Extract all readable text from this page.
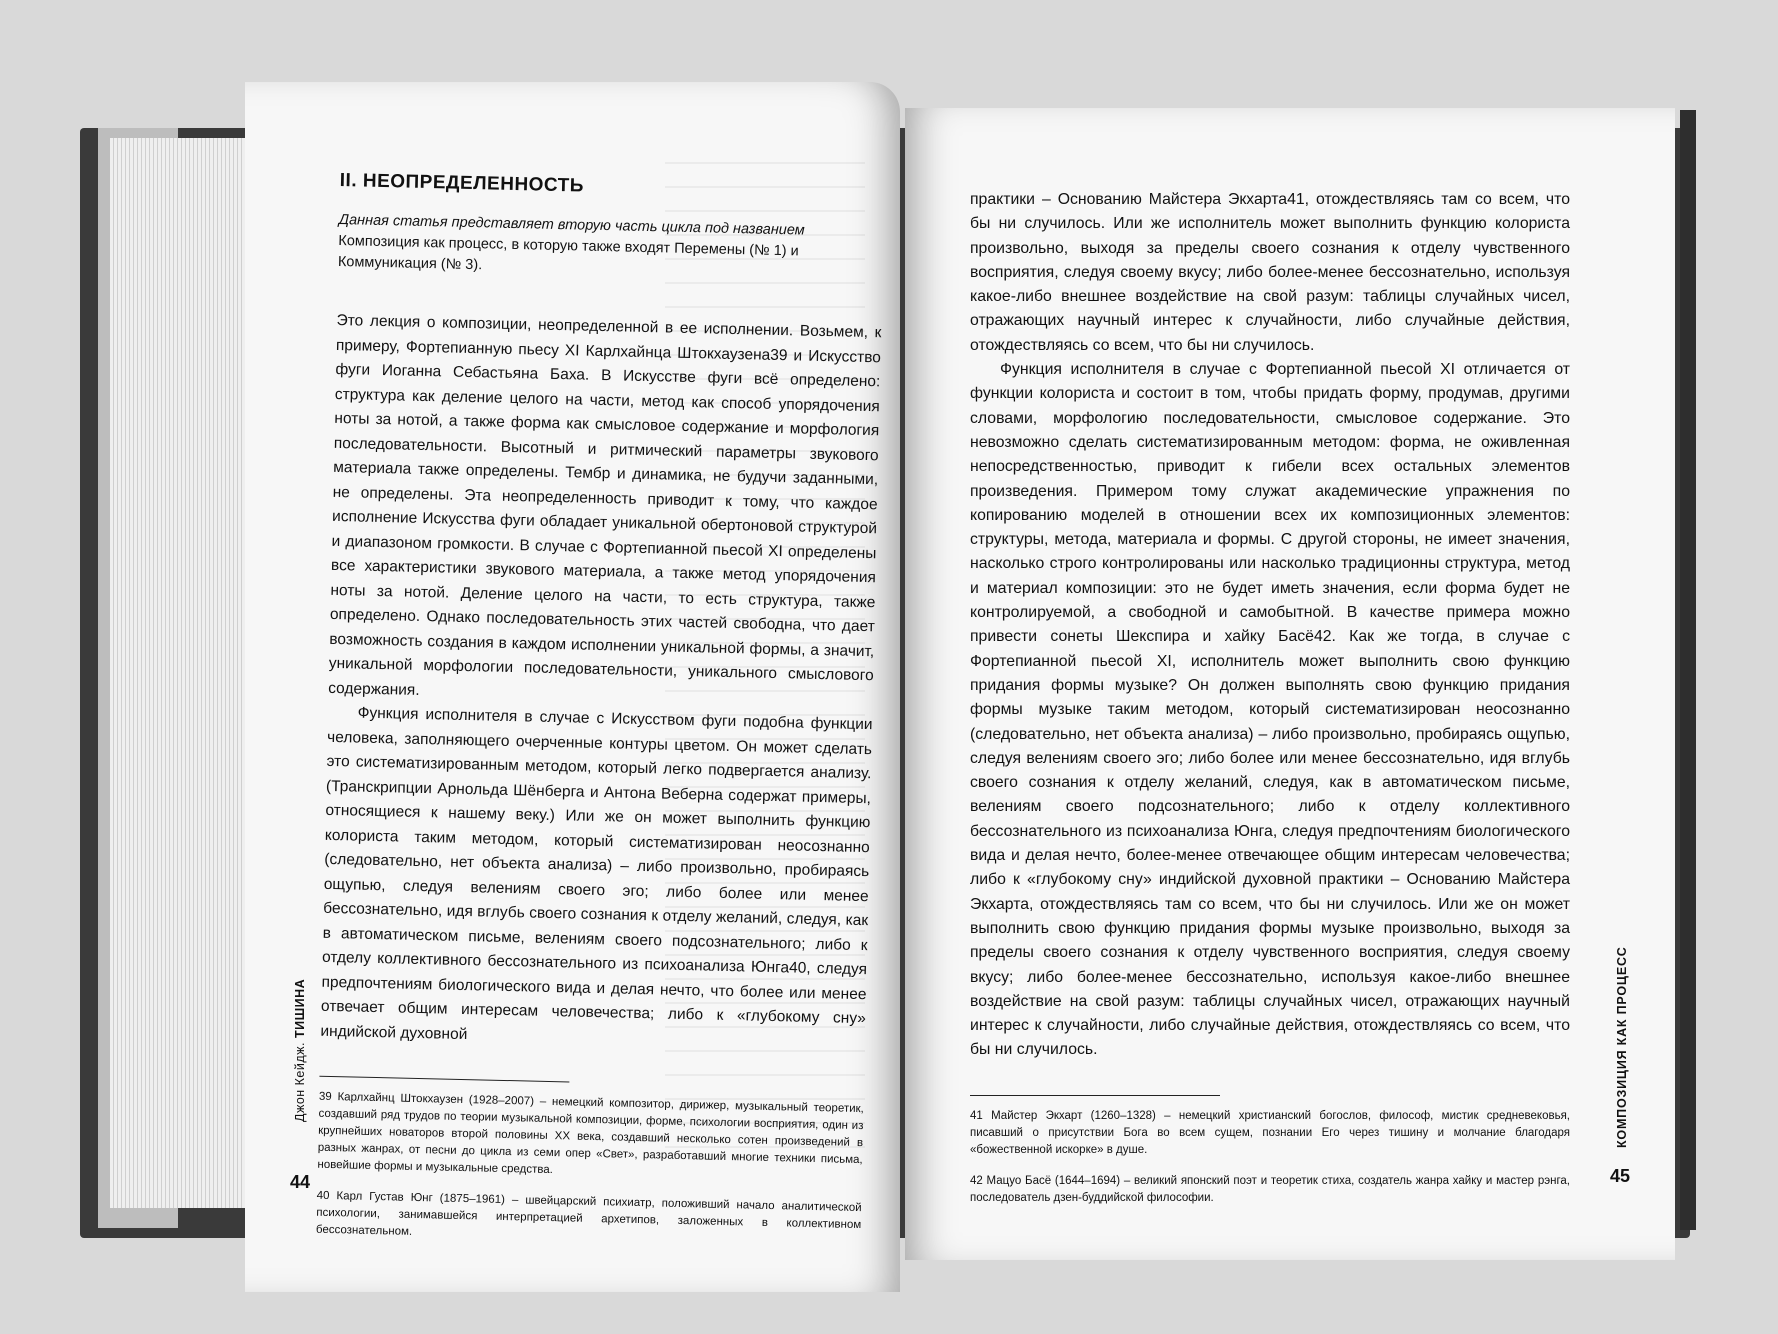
II. НЕОПРЕДЕЛЕННОСТЬ

Данная статья представляет вторую часть цикла под названием Композиция как процесс, в которую также входят Перемены (№ 1) и Коммуникация (№ 3).

Это лекция о композиции, неопределенной в ее исполнении. Возьмем, к примеру, Фортепианную пьесу XI Карлхайнца Штокхаузена39 и Искусство фуги Иоганна Себастьяна Баха. В Искусстве фуги всё определено: структура как деление целого на части, метод как способ упорядочения ноты за нотой, а также форма как смысловое содержание и морфология последовательности. Высотный и ритмический параметры звукового материала также определены. Тембр и динамика, не будучи заданными, не определены. Эта неопределенность приводит к тому, что каждое исполнение Искусства фуги обладает уникальной обертоновой структурой и диапазоном громкости. В случае с Фортепианной пьесой XI определены все характеристики звукового материала, а также метод упорядочения ноты за нотой. Деление целого на части, то есть структура, также определено. Однако последовательность этих частей свободна, что дает возможность создания в каждом исполнении уникальной формы, а значит, уникальной морфологии последовательности, уникального смыслового содержания.

Функция исполнителя в случае с Искусством фуги подобна функции человека, заполняющего очерченные контуры цветом. Он может сделать это систематизированным методом, который легко подвергается анализу. (Транскрипции Арнольда Шёнберга и Антона Веберна содержат примеры, относящиеся к нашему веку.) Или же он может выполнить функцию колориста таким методом, который систематизирован неосознанно (следовательно, нет объекта анализа) – либо произвольно, пробираясь ощупью, следуя велениям своего эго; либо более или менее бессознательно, идя вглубь своего сознания к отделу желаний, следуя, как в автоматическом письме, велениям своего подсознательного; либо к отделу коллективного бессознательного из психоанализа Юнга40, следуя предпочтениям биологического вида и делая нечто, что более или менее отвечает общим интересам человечества; либо к «глубокому сну» индийской духовной

39 Карлхайнц Штокхаузен (1928–2007) – немецкий композитор, дирижер, музыкальный теоретик, создавший ряд трудов по теории музыкальной композиции, форме, психологии восприятия, один из крупнейших новаторов второй половины XX века, создавший несколько сотен произведений в разных жанрах, от песни до цикла из семи опер «Свет», разработавший многие техники письма, новейшие формы и музыкальные средства.

40 Карл Густав Юнг (1875–1961) – швейцарский психиатр, положивший начало аналитической психологии, занимавшейся интерпретацией архетипов, заложенных в коллективном бессознательном.

Джон Кейдж. ТИШИНА
44

практики – Основанию Майстера Экхарта41, отождествляясь там со всем, что бы ни случилось. Или же исполнитель может выполнить функцию колориста произвольно, выходя за пределы своего сознания к отделу чувственного восприятия, следуя своему вкусу; либо более-менее бессознательно, используя какое-либо внешнее воздействие на свой разум: таблицы случайных чисел, отражающих научный интерес к случайности, либо случайные действия, отождествляясь со всем, что бы ни случилось.

Функция исполнителя в случае с Фортепианной пьесой XI отличается от функции колориста и состоит в том, чтобы придать форму, продумав, другими словами, морфологию последовательности, смысловое содержание. Это невозможно сделать систематизированным методом: форма, не оживленная непосредственностью, приводит к гибели всех остальных элементов произведения. Примером тому служат академические упражнения по копированию моделей в отношении всех их композиционных элементов: структуры, метода, материала и формы. С другой стороны, не имеет значения, насколько строго контролированы или насколько традиционны структура, метод и материал композиции: это не будет иметь значения, если форма будет не контролируемой, а свободной и самобытной. В качестве примера можно привести сонеты Шекспира и хайку Басё42. Как же тогда, в случае с Фортепианной пьесой XI, исполнитель может выполнить свою функцию придания формы музыке? Он должен выполнять свою функцию придания формы музыке таким методом, который систематизирован неосознанно (следовательно, нет объекта анализа) – либо произвольно, пробираясь ощупью, следуя велениям своего эго; либо более или менее бессознательно, идя вглубь своего сознания к отделу желаний, следуя, как в автоматическом письме, велениям своего подсознательного; либо к отделу коллективного бессознательного из психоанализа Юнга, следуя предпочтениям биологического вида и делая нечто, более-менее отвечающее общим интересам человечества; либо к «глубокому сну» индийской духовной практики – Основанию Майстера Экхарта, отождествляясь там со всем, что бы ни случилось. Или же он может выполнить свою функцию придания формы музыке произвольно, выходя за пределы своего сознания к отделу чувственного восприятия, следуя своему вкусу; либо более-менее бессознательно, используя какое-либо внешнее воздействие на свой разум: таблицы случайных чисел, отражающих научный интерес к случайности, либо случайные действия, отождествляясь со всем, что бы ни случилось.

41 Майстер Экхарт (1260–1328) – немецкий христианский богослов, философ, мистик средневековья, писавший о присутствии Бога во всем сущем, познании Его через тишину и молчание благодаря «божественной искорке» в душе.

42 Мацуо Басё (1644–1694) – великий японский поэт и теоретик стиха, создатель жанра хайку и мастер рэнга, последователь дзен-буддийской философии.

КОМПОЗИЦИЯ КАК ПРОЦЕСС
45
